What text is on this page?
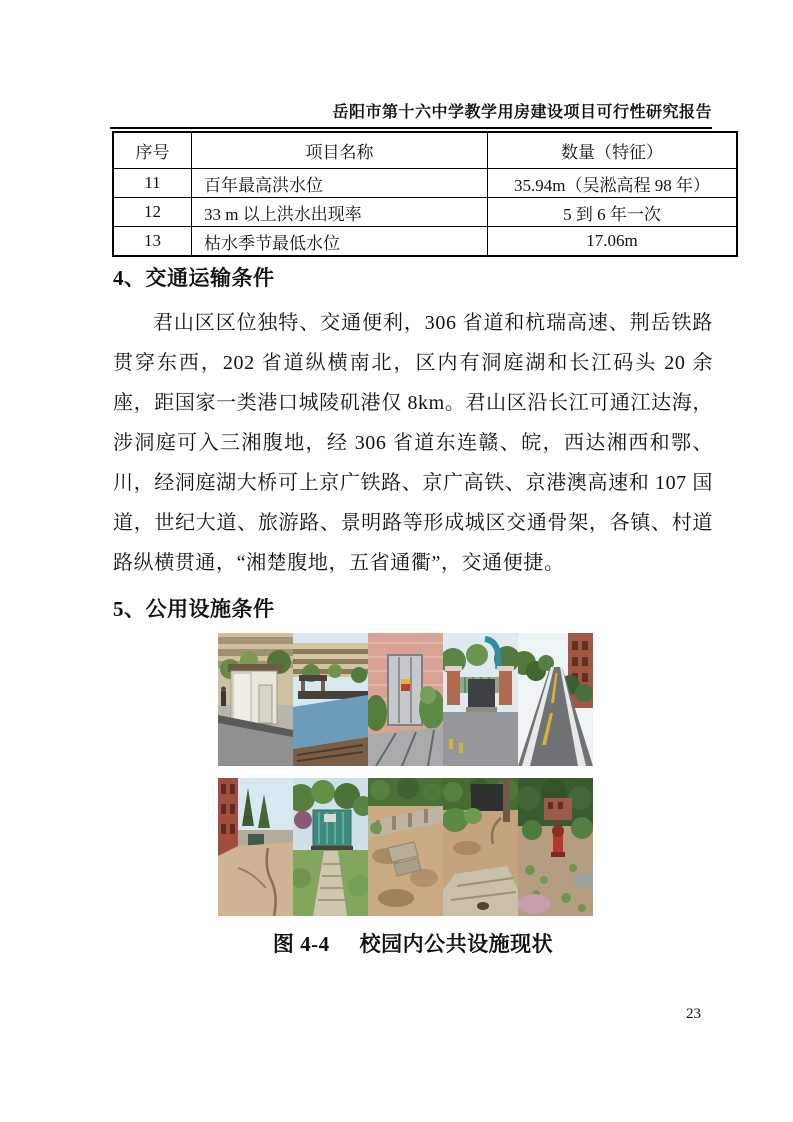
岳阳市第十六中学教学用房建设项目可行性研究报告
序号	项目名称	数量（特征）
11	百年最高洪水位	35.94m（吴淞高程 98 年）
12	33 m 以上洪水出现率	5 到 6 年一次
13	枯水季节最低水位	17.06m
4、交通运输条件
君山区区位独特、交通便利，306 省道和杭瑞高速、荆岳铁路贯穿东西，202 省道纵横南北，区内有洞庭湖和长江码头 20 余座，距国家一类港口城陵矶港仅 8km。君山区沿长江可通江达海，涉洞庭可入三湘腹地，经 306 省道东连赣、皖，西达湘西和鄂、川，经洞庭湖大桥可上京广铁路、京广高铁、京港澳高速和 107 国道，世纪大道、旅游路、景明路等形成城区交通骨架，各镇、村道路纵横贯通，“湘楚腹地，五省通衢”，交通便捷。
5、公用设施条件
图 4-4 校园内公共设施现状
23
